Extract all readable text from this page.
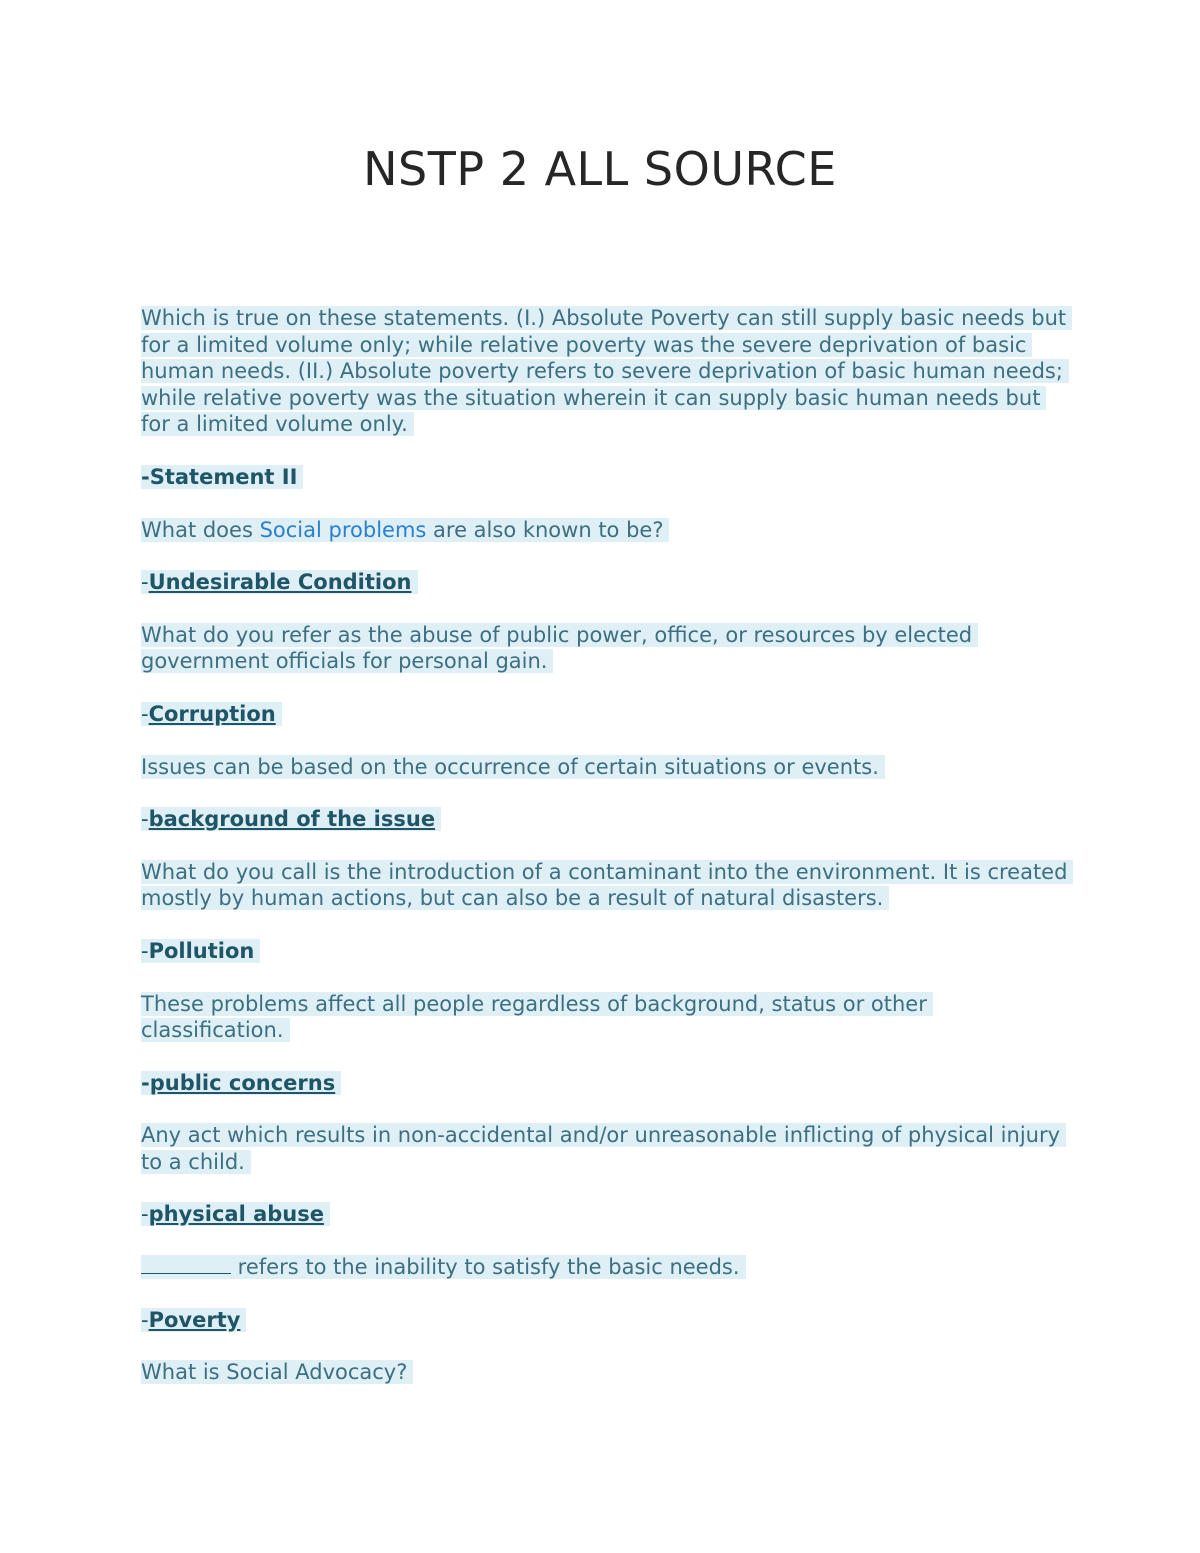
NSTP 2 ALL SOURCE

Which is true on these statements. (I.) Absolute Poverty can still supply basic needs but for a limited volume only; while relative poverty was the severe deprivation of basic human needs. (II.) Absolute poverty refers to severe deprivation of basic human needs; while relative poverty was the situation wherein it can supply basic human needs but for a limited volume only.

-Statement II

What does Social problems are also known to be?

-Undesirable Condition

What do you refer as the abuse of public power, office, or resources by elected government officials for personal gain.

-Corruption

Issues can be based on the occurrence of certain situations or events.

-background of the issue

What do you call is the introduction of a contaminant into the environment. It is created mostly by human actions, but can also be a result of natural disasters.

-Pollution

These problems affect all people regardless of background, status or other classification.

-public concerns

Any act which results in non-accidental and/or unreasonable inflicting of physical injury to a child.

-physical abuse

refers to the inability to satisfy the basic needs.

-Poverty

What is Social Advocacy?
